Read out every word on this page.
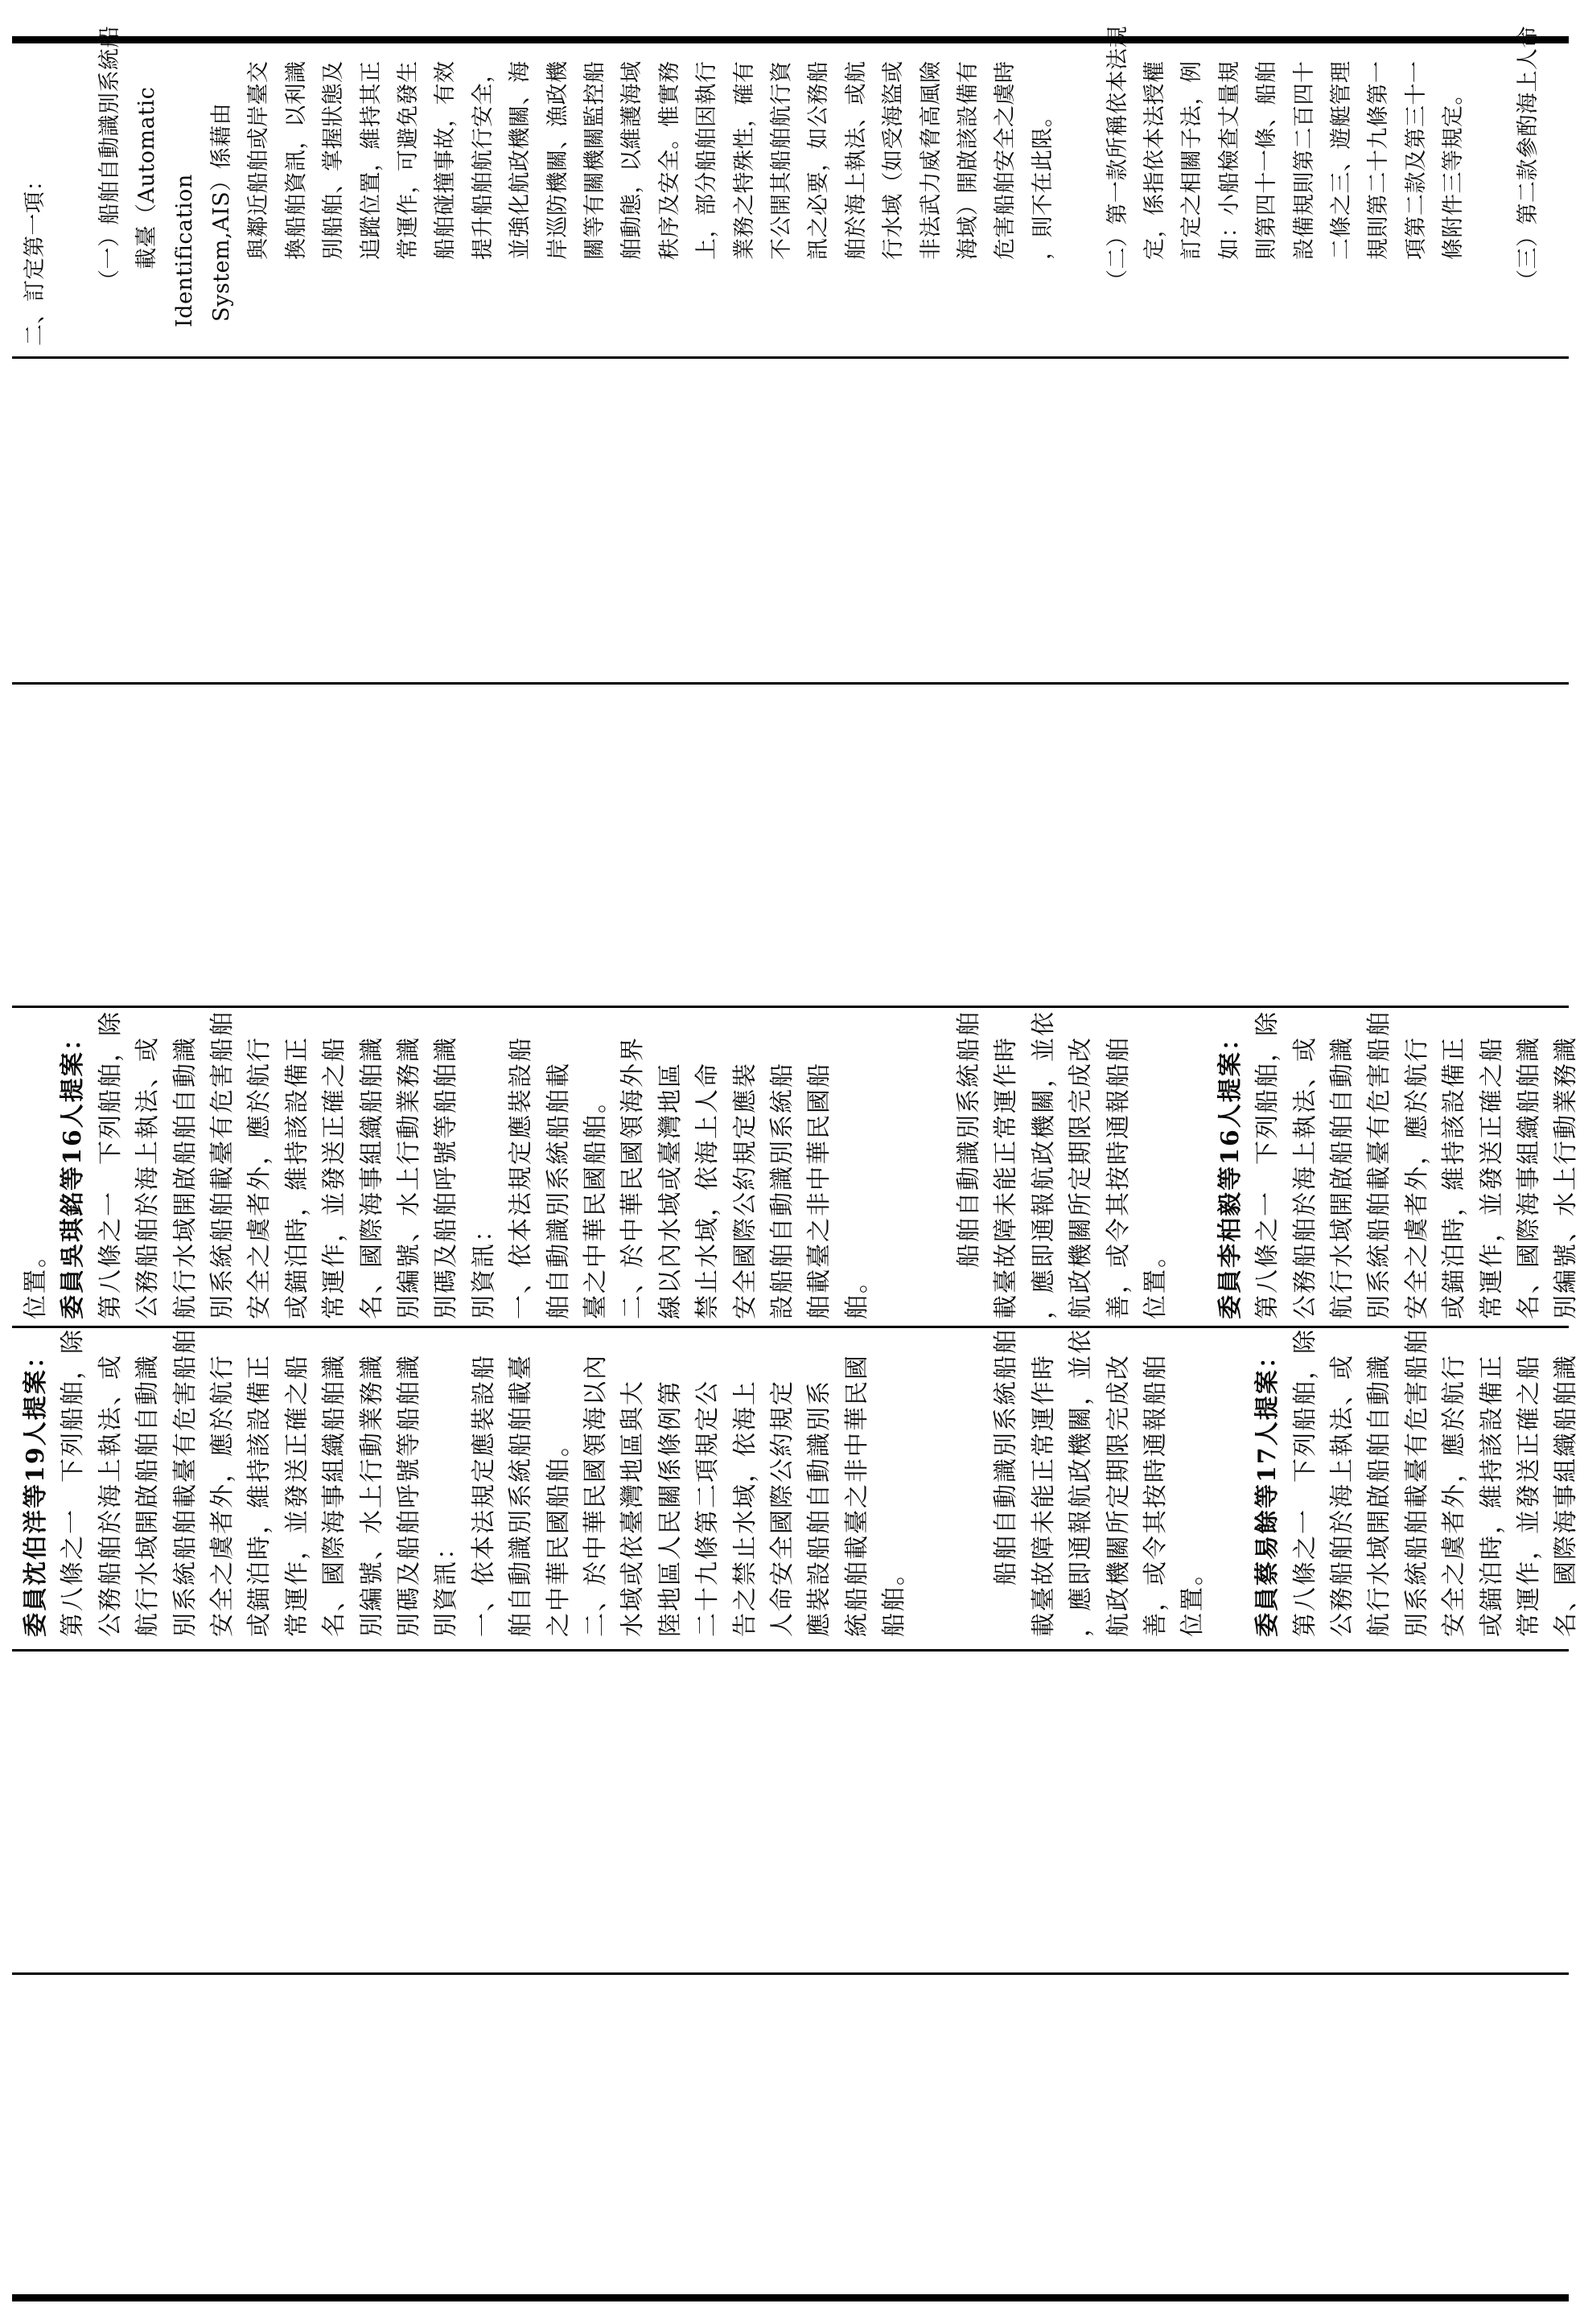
二、訂定第一項： （一）船舶自動識別系統船 載臺（Automatic Identification System,AIS）係藉由 與鄰近船舶或岸臺交 換船舶資訊，以利識 別船舶、掌握狀態及 追蹤位置，維持其正 常運作，可避免發生 船舶碰撞事故，有效 提升船舶航行安全， 並強化航政機關、海 岸巡防機關、漁政機 關等有關機關監控船 舶動態，以維護海域 秩序及安全。惟實務 上，部分船舶因執行 業務之特殊性，確有 不公開其船舶航行資 訊之必要，如公務船 舶於海上執法、或航 行水域（如受海盜或 非法武力威脅高風險 海域）開啟該設備有 危害船舶安全之虞時 ，則不在此限。 （二）第一款所稱依本法規 定，係指依本法授權 訂定之相關子法，例 如：小船檢查丈量規 則第四十一條、船舶 設備規則第二百四十 二條之三、遊艇管理 規則第二十九條第一 項第二款及第三十一 條附件三等規定。 （三）第二款參酌海上人命
位置。 委員吳琪銘等16人提案： 第八條之一　下列船舶，除 公務船舶於海上執法、或 航行水域開啟船舶自動識 別系統船舶載臺有危害船舶 安全之虞者外，應於航行 或錨泊時，維持該設備正 常運作，並發送正確之船 名、國際海事組織船舶識 別編號、水上行動業務識 別碼及船舶呼號等船舶識 別資訊： 一、依本法規定應裝設船 舶自動識別系統船舶載 臺之中華民國船舶。 二、於中華民國領海外界 線以內水域或臺灣地區 禁止水域，依海上人命 安全國際公約規定應裝 設船舶自動識別系統船 舶載臺之非中華民國船 舶。
船舶自動識別系統船舶 載臺故障未能正常運作時 ，應即通報航政機關，並依 航政機關所定期限完成改 善，或令其按時通報船舶 位置。 委員李柏毅等16人提案： 第八條之一　下列船舶，除 公務船舶於海上執法、或 航行水域開啟船舶自動識 別系統船舶載臺有危害船舶 安全之虞者外，應於航行 或錨泊時，維持該設備正 常運作，並發送正確之船 名、國際海事組織船舶識 別編號、水上行動業務識
委員沈伯洋等19人提案： 第八條之一　下列船舶，除 公務船舶於海上執法、或 航行水域開啟船舶自動識 別系統船舶載臺有危害船舶 安全之虞者外，應於航行 或錨泊時，維持該設備正 常運作，並發送正確之船 名、國際海事組織船舶識 別編號、水上行動業務識 別碼及船舶呼號等船舶識 別資訊： 一、依本法規定應裝設船 舶自動識別系統船舶載臺 之中華民國船舶。 二、於中華民國領海以內 水域或依臺灣地區與大 陸地區人民關係條例第 二十九條第二項規定公 告之禁止水域，依海上 人命安全國際公約規定 應裝設船舶自動識別系 統船舶載臺之非中華民國 船舶。
船舶自動識別系統船舶 載臺故障未能正常運作時 ，應即通報航政機關，並依 航政機關所定期限完成改 善，或令其按時通報船舶 位置。 委員蔡易餘等17人提案： 第八條之一　下列船舶，除 公務船舶於海上執法、或 航行水域開啟船舶自動識 別系統船舶載臺有危害船舶 安全之虞者外，應於航行 或錨泊時，維持該設備正 常運作，並發送正確之船 名、國際海事組織船舶識
